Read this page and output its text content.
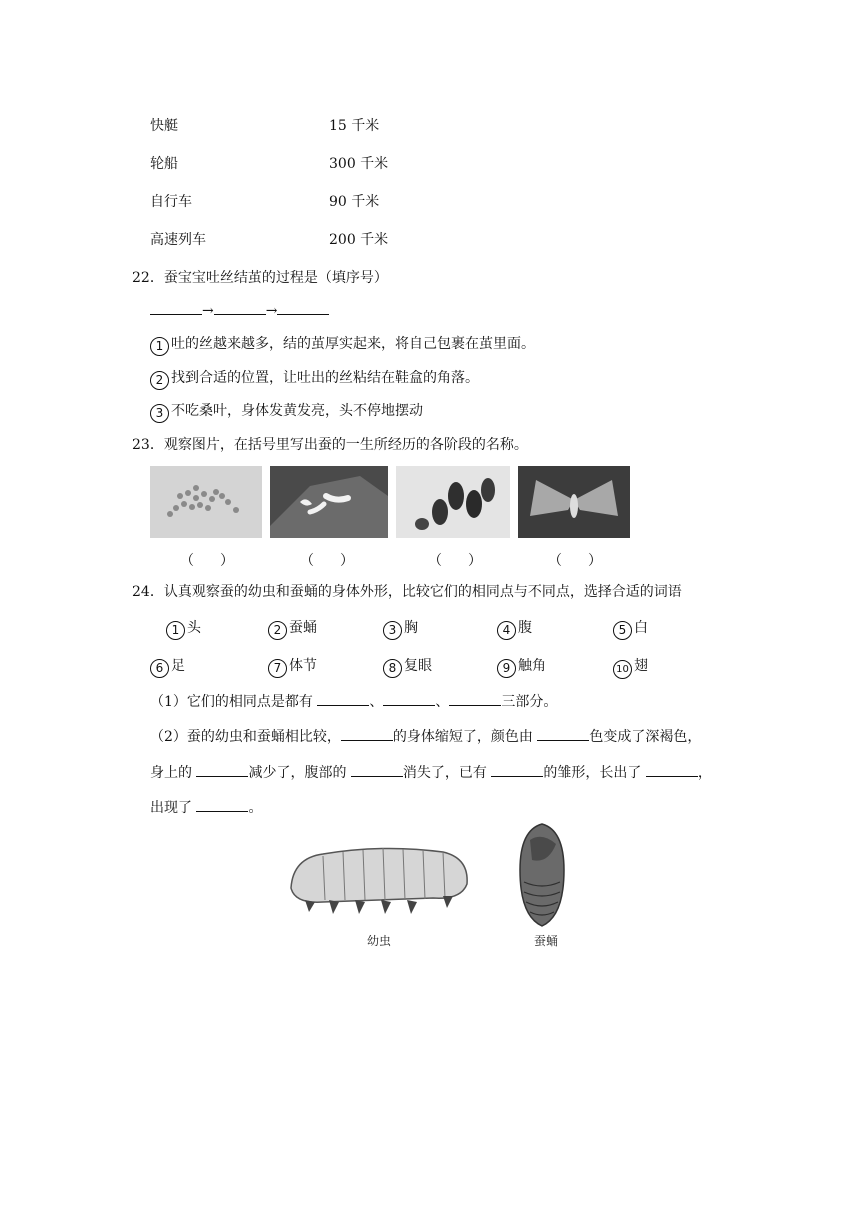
快艇	15 千米
轮船	300 千米
自行车	90 千米
高速列车	200 千米
22．蚕宝宝吐丝结茧的过程是（填序号）
→	→
1 吐的丝越来越多，结的茧厚实起来，将自己包裹在茧里面。
2 找到合适的位置，让吐出的丝粘结在鞋盒的角落。
3 不吃桑叶，身体发黄发亮，头不停地摆动
23．观察图片，在括号里写出蚕的一生所经历的各阶段的名称。
（ ）	（ ）	（ ）	（ ）
24．认真观察蚕的幼虫和蚕蛹的身体外形，比较它们的相同点与不同点，选择合适的词语
1 头	2 蚕蛹	3 胸	4 腹	5 白
6 足	7 体节	8 复眼	9 触角	10 翅
（1）它们的相同点是都有	、	、	三部分。
（2）蚕的幼虫和蚕蛹相比较，	的身体缩短了，颜色由	色变成了深褐色，
身上的	减少了，腹部的	消失了，已有	的雏形，长出了	，
出现了	。
幼虫	蚕蛹
